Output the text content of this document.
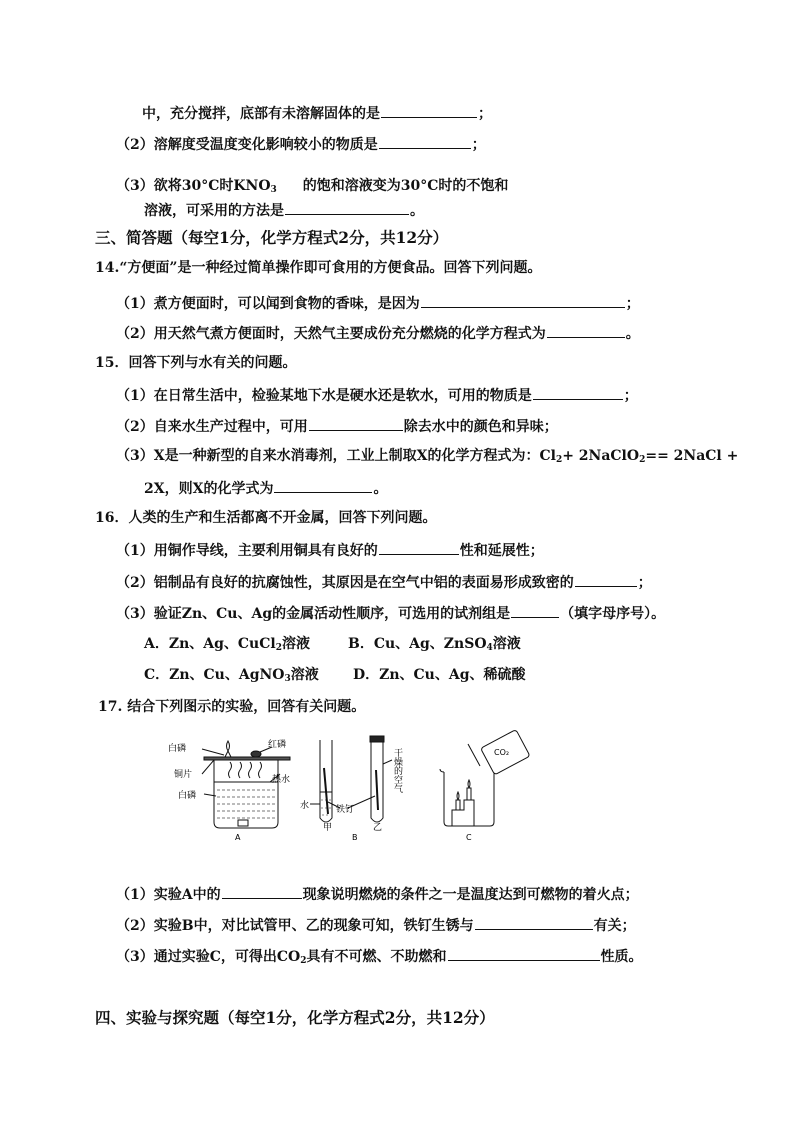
中，充分搅拌，底部有未溶解固体的是	；
（2）溶解度受温度变化影响较小的物质是	；
（3）欲将30°C时$KNO_3$ 的饱和溶液变为30°C时的不饱和
溶液，可采用的方法是	。
三、简答题（每空1分，化学方程式2分，共12分）
14.“方便面”是一种经过简单操作即可食用的方便食品。回答下列问题。
（1）煮方便面时，可以闻到食物的香味，是因为	；
（2）用天然气煮方便面时，天然气主要成份充分燃烧的化学方程式为	。
15．回答下列与水有关的问题。
（1）在日常生活中，检验某地下水是硬水还是软水，可用的物质是	；
（2）自来水生产过程中，可用	除去水中的颜色和异味；
（3）X是一种新型的自来水消毒剂，工业上制取X的化学方程式为：$Cl_2+$ 2NaClO$_2$== 2NaCl +
2X，则X的化学式为	。
16．人类的生产和生活都离不开金属，回答下列问题。
（1）用铜作导线，主要利用铜具有良好的	性和延展性；
（2）铝制品有良好的抗腐蚀性，其原因是在空气中铝的表面易形成致密的	；
（3）验证Zn、Cu、Ag的金属活动性顺序，可选用的试剂组是	（填字母序号）。
A．Zn、Ag、CuCl$_2$溶液	B．Cu、Ag、ZnSO$_4$溶液
C．Zn、Cu、AgNO$_3$溶液 D．Zn、Cu、Ag、稀硫酸
17. 结合下列图示的实验，回答有关问题。
白磷	红磷
铜片	热水
白磷
A
水	铁钉
干燥的空气
甲	乙
B
CO₂
C
（1）实验A中的	现象说明燃烧的条件之一是温度达到可燃物的着火点；
（2）实验B中，对比试管甲、乙的现象可知，铁钉生锈与	有关；
（3）通过实验C，可得出$CO_2$具有不可燃、不助燃和	性质。
四、实验与探究题（每空1分，化学方程式2分，共12分）
